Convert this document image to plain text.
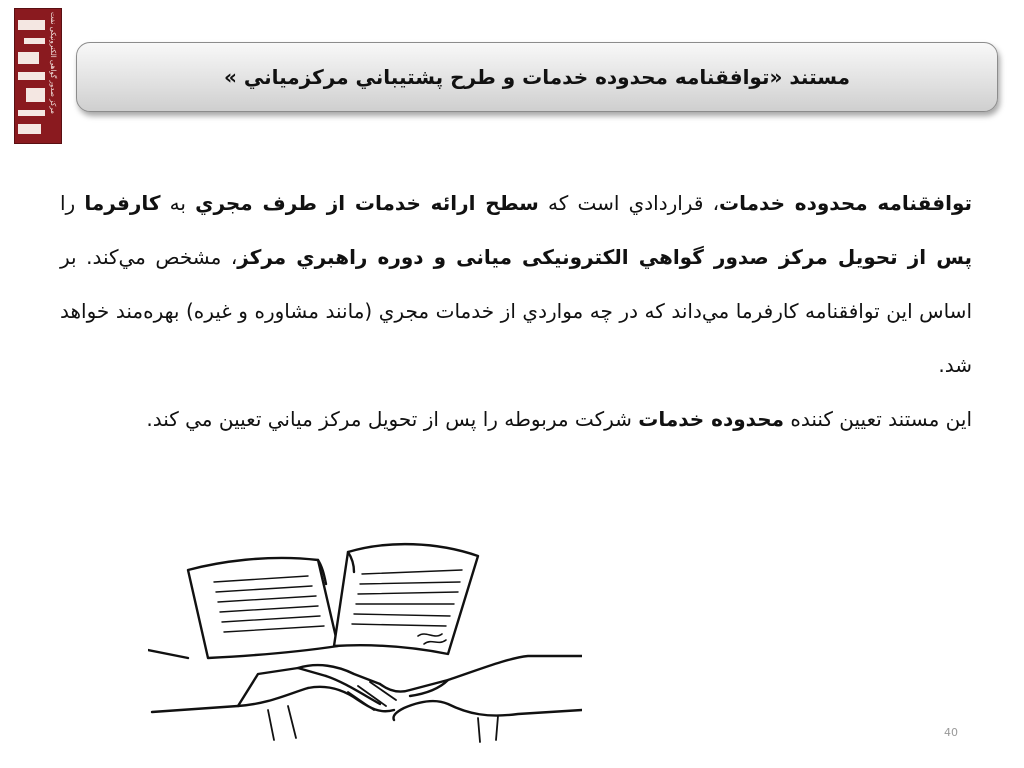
مرکز صدور گواهی الکترونیکی نفت	مستند «توافقنامه محدوده خدمات و طرح پشتيباني مركزمياني »

توافقنامه محدوده خدمات، قراردادي است كه سطح ارائه خدمات از طرف مجري به كارفرما را پس از تحويل مركز صدور گواهي الكترونيکی میانی و دوره راهبري مركز، مشخص مي‌كند. بر اساس اين توافقنامه كارفرما مي‌داند كه در چه مواردي از خدمات مجري (مانند مشاوره و غيره) بهره‌مند خواهد شد.

اين مستند تعيين كننده محدوده خدمات شركت مربوطه را پس از تحويل مركز مياني تعيين مي كند.

40
